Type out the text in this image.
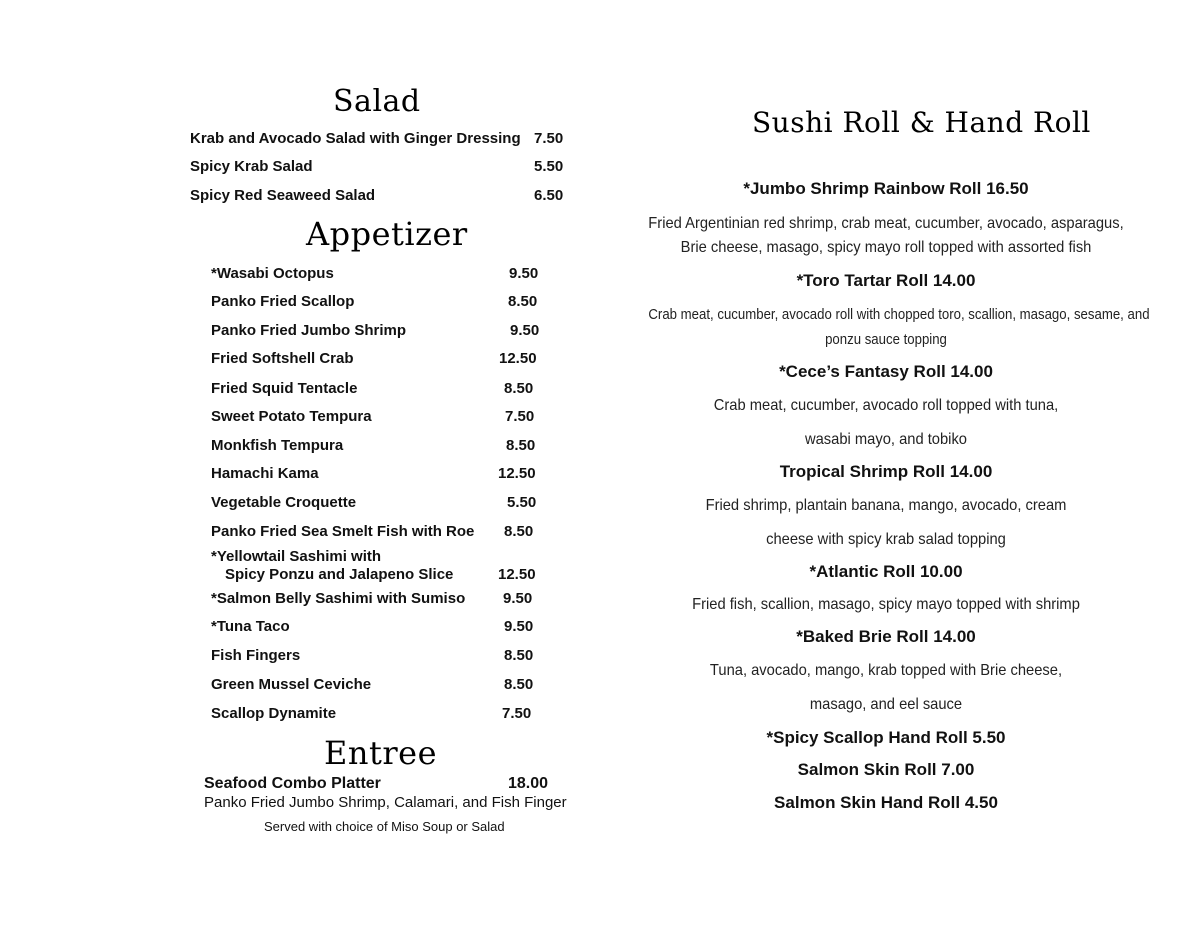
Salad
Krab and Avocado Salad with Ginger Dressing 7.50
Spicy Krab Salad	5.50
Spicy Red Seaweed Salad	6.50
Appetizer
*Wasabi Octopus	9.50
Panko Fried Scallop	8.50
Panko Fried Jumbo Shrimp	9.50
Fried Softshell Crab	12.50
Fried Squid Tentacle	8.50
Sweet Potato Tempura	7.50
Monkfish Tempura	8.50
Hamachi Kama	12.50
Vegetable Croquette	5.50
Panko Fried Sea Smelt Fish with Roe 8.50
*Yellowtail Sashimi with
Spicy Ponzu and Jalapeno Slice	12.50
*Salmon Belly Sashimi with Sumiso	9.50
*Tuna Taco	9.50
Fish Fingers	8.50
Green Mussel Ceviche	8.50
Scallop Dynamite	7.50
Entree
Seafood Combo Platter	18.00
Panko Fried Jumbo Shrimp, Calamari, and Fish Finger
Served with choice of Miso Soup or Salad
Sushi Roll & Hand Roll
*Jumbo Shrimp Rainbow Roll 16.50
Fried Argentinian red shrimp, crab meat, cucumber, avocado, asparagus,
Brie cheese, masago, spicy mayo roll topped with assorted fish
*Toro Tartar Roll 14.00
Crab meat, cucumber, avocado roll with chopped toro, scallion, masago, sesame, and
ponzu sauce topping
*Cece’s Fantasy Roll 14.00
Crab meat, cucumber, avocado roll topped with tuna,
wasabi mayo, and tobiko
Tropical Shrimp Roll 14.00
Fried shrimp, plantain banana, mango, avocado, cream
cheese with spicy krab salad topping
*Atlantic Roll 10.00
Fried fish, scallion, masago, spicy mayo topped with shrimp
*Baked Brie Roll 14.00
Tuna, avocado, mango, krab topped with Brie cheese,
masago, and eel sauce
*Spicy Scallop Hand Roll 5.50
Salmon Skin Roll 7.00
Salmon Skin Hand Roll 4.50
